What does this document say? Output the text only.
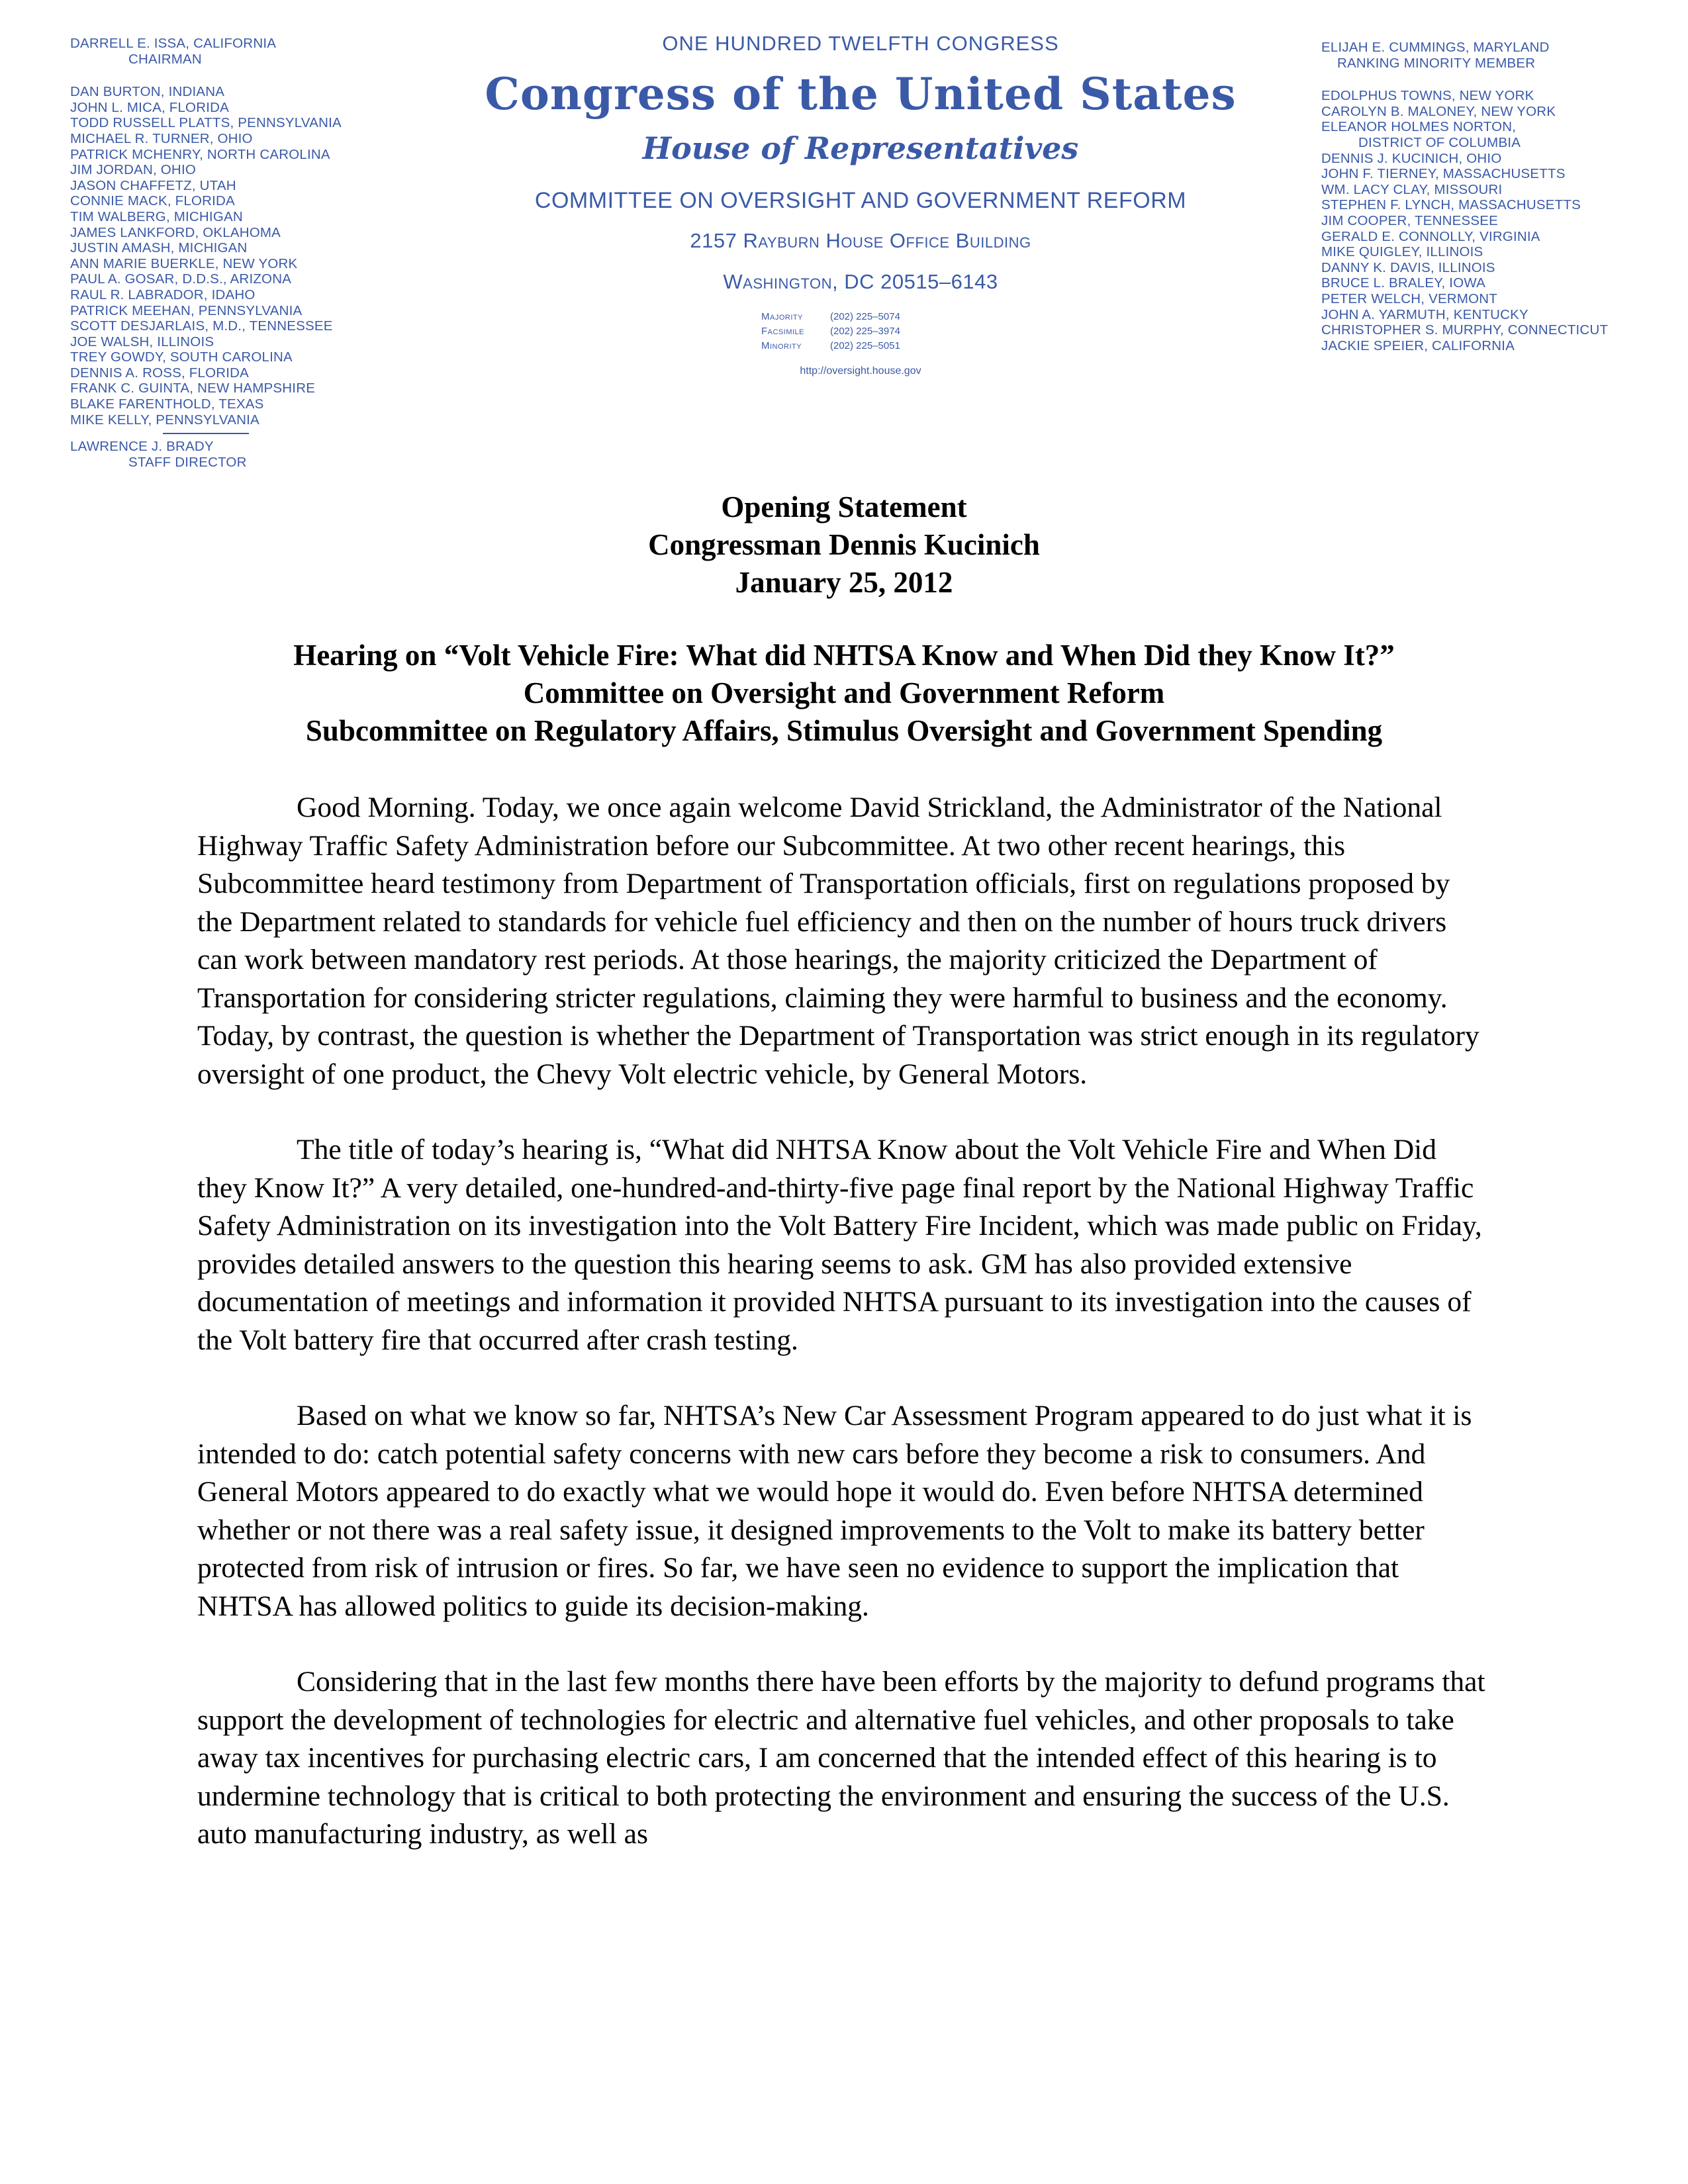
DARRELL E. ISSA, CALIFORNIA
CHAIRMAN
DAN BURTON, INDIANA
JOHN L. MICA, FLORIDA
TODD RUSSELL PLATTS, PENNSYLVANIA
MICHAEL R. TURNER, OHIO
PATRICK MCHENRY, NORTH CAROLINA
JIM JORDAN, OHIO
JASON CHAFFETZ, UTAH
CONNIE MACK, FLORIDA
TIM WALBERG, MICHIGAN
JAMES LANKFORD, OKLAHOMA
JUSTIN AMASH, MICHIGAN
ANN MARIE BUERKLE, NEW YORK
PAUL A. GOSAR, D.D.S., ARIZONA
RAUL R. LABRADOR, IDAHO
PATRICK MEEHAN, PENNSYLVANIA
SCOTT DESJARLAIS, M.D., TENNESSEE
JOE WALSH, ILLINOIS
TREY GOWDY, SOUTH CAROLINA
DENNIS A. ROSS, FLORIDA
FRANK C. GUINTA, NEW HAMPSHIRE
BLAKE FARENTHOLD, TEXAS
MIKE KELLY, PENNSYLVANIA
LAWRENCE J. BRADY
STAFF DIRECTOR
ONE HUNDRED TWELFTH CONGRESS
Congress of the United States
House of Representatives
COMMITTEE ON OVERSIGHT AND GOVERNMENT REFORM
2157 Rayburn House Office Building
Washington, DC 20515–6143
Majority	(202) 225–5074
Facsimile	(202) 225–3974
Minority	(202) 225–5051
http://oversight.house.gov
ELIJAH E. CUMMINGS, MARYLAND
RANKING MINORITY MEMBER
EDOLPHUS TOWNS, NEW YORK
CAROLYN B. MALONEY, NEW YORK
ELEANOR HOLMES NORTON,
DISTRICT OF COLUMBIA
DENNIS J. KUCINICH, OHIO
JOHN F. TIERNEY, MASSACHUSETTS
WM. LACY CLAY, MISSOURI
STEPHEN F. LYNCH, MASSACHUSETTS
JIM COOPER, TENNESSEE
GERALD E. CONNOLLY, VIRGINIA
MIKE QUIGLEY, ILLINOIS
DANNY K. DAVIS, ILLINOIS
BRUCE L. BRALEY, IOWA
PETER WELCH, VERMONT
JOHN A. YARMUTH, KENTUCKY
CHRISTOPHER S. MURPHY, CONNECTICUT
JACKIE SPEIER, CALIFORNIA
Opening Statement
Congressman Dennis Kucinich
January 25, 2012
Hearing on “Volt Vehicle Fire: What did NHTSA Know and When Did they Know It?”
Committee on Oversight and Government Reform
Subcommittee on Regulatory Affairs, Stimulus Oversight and Government Spending

Good Morning. Today, we once again welcome David Strickland, the Administrator of the National Highway Traffic Safety Administration before our Subcommittee. At two other recent hearings, this Subcommittee heard testimony from Department of Transportation officials, first on regulations proposed by the Department related to standards for vehicle fuel efficiency and then on the number of hours truck drivers can work between mandatory rest periods. At those hearings, the majority criticized the Department of Transportation for considering stricter regulations, claiming they were harmful to business and the economy. Today, by contrast, the question is whether the Department of Transportation was strict enough in its regulatory oversight of one product, the Chevy Volt electric vehicle, by General Motors.

The title of today’s hearing is, “What did NHTSA Know about the Volt Vehicle Fire and When Did they Know It?” A very detailed, one-hundred-and-thirty-five page final report by the National Highway Traffic Safety Administration on its investigation into the Volt Battery Fire Incident, which was made public on Friday, provides detailed answers to the question this hearing seems to ask. GM has also provided extensive documentation of meetings and information it provided NHTSA pursuant to its investigation into the causes of the Volt battery fire that occurred after crash testing.

Based on what we know so far, NHTSA’s New Car Assessment Program appeared to do just what it is intended to do: catch potential safety concerns with new cars before they become a risk to consumers. And General Motors appeared to do exactly what we would hope it would do. Even before NHTSA determined whether or not there was a real safety issue, it designed improvements to the Volt to make its battery better protected from risk of intrusion or fires. So far, we have seen no evidence to support the implication that NHTSA has allowed politics to guide its decision-making.

Considering that in the last few months there have been efforts by the majority to defund programs that support the development of technologies for electric and alternative fuel vehicles, and other proposals to take away tax incentives for purchasing electric cars, I am concerned that the intended effect of this hearing is to undermine technology that is critical to both protecting the environment and ensuring the success of the U.S. auto manufacturing industry, as well as
